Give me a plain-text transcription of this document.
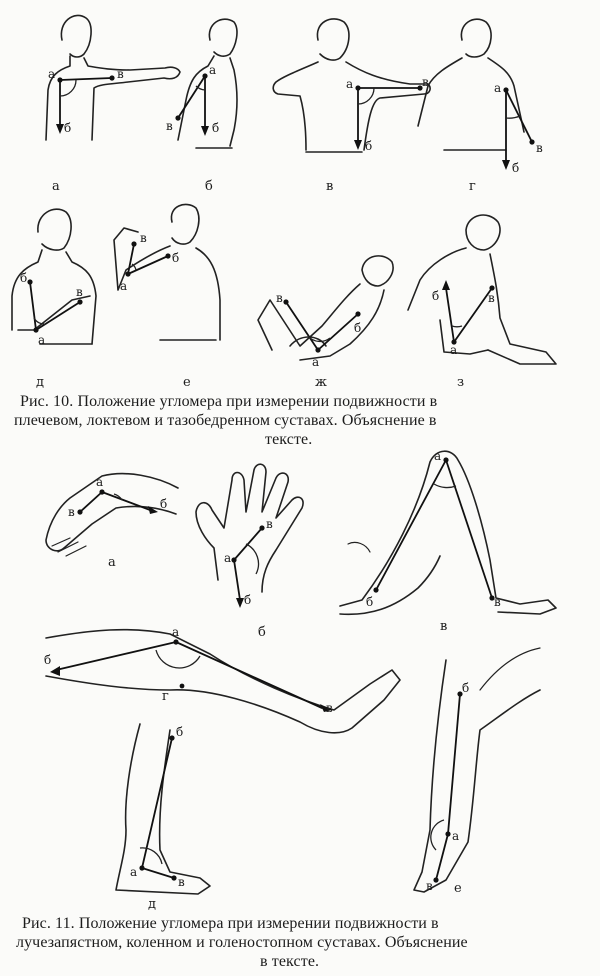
а	в
б
а
а
в	б
б
а	в
б
в
а
в
б
г
б
а
в
д
б
а
в
е
а
в
б
ж
а
б	в
з
а
в
б
а	а
в
б
б
а
б	в
в
а
б
в
г
б
а
в
д
б
а
в е
Рис. 10. Положение угломера при измерении подвижности в
плечевом, локтевом и тазобедренном суставах. Объяснение в
тексте.
Рис. 11. Положение угломера при измерении подвижности в
лучезапястном, коленном и голеностопном суставах. Объяснение
в тексте.
